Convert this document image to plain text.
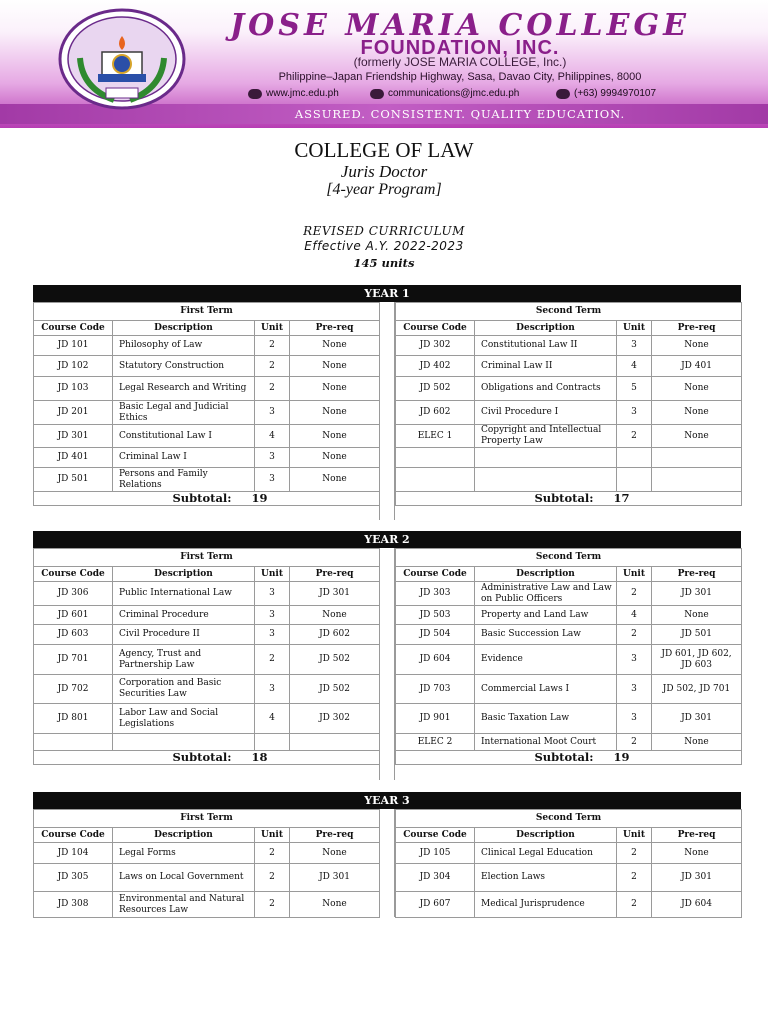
JOSE MARIA COLLEGE
FOUNDATION, INC.
(formerly JOSE MARIA COLLEGE, Inc.)
Philippine–Japan Friendship Highway, Sasa, Davao City, Philippines, 8000
www.jmc.edu.ph	communications@jmc.edu.ph	(+63) 9994970107
ASSURED. CONSISTENT. QUALITY EDUCATION.
COLLEGE OF LAW
Juris Doctor
[4-year Program]
REVISED CURRICULUM
Effective A.Y. 2022-2023
145 units
YEAR 1
First Term			
Course Code	Description	Unit	Pre-req
JD 101	Philosophy of Law	2	None
JD 102	Statutory Construction	2	None
JD 103	Legal Research and Writing	2	None
JD 201	Basic Legal and Judicial Ethics	3	None
JD 301	Constitutional Law I	4	None
JD 401	Criminal Law I	3	None
JD 501	Persons and Family Relations	3	None
Subtotal: 19			
Second Term			
Course Code	Description	Unit	Pre-req
JD 302	Constitutional Law II	3	None
JD 402	Criminal Law II	4	JD 401
JD 502	Obligations and Contracts	5	None
JD 602	Civil Procedure I	3	None
ELEC 1	Copyright and Intellectual Property Law	2	None

Subtotal: 17			
YEAR 2
First Term			
Course Code	Description	Unit	Pre-req
JD 306	Public International Law	3	JD 301
JD 601	Criminal Procedure	3	None
JD 603	Civil Procedure II	3	JD 602
JD 701	Agency, Trust and Partnership Law	2	JD 502
JD 702	Corporation and Basic Securities Law	3	JD 502
JD 801	Labor Law and Social Legislations	4	JD 302

Subtotal: 18			
Second Term			
Course Code	Description	Unit	Pre-req
JD 303	Administrative Law and Law on Public Officers	2	JD 301
JD 503	Property and Land Law	4	None
JD 504	Basic Succession Law	2	JD 501
JD 604	Evidence	3	JD 601, JD 602, JD 603
JD 703	Commercial Laws I	3	JD 502, JD 701
JD 901	Basic Taxation Law	3	JD 301
ELEC 2	International Moot Court	2	None
Subtotal: 19			
YEAR 3
First Term			
Course Code	Description	Unit	Pre-req
JD 104	Legal Forms	2	None
JD 305	Laws on Local Government	2	JD 301
JD 308	Environmental and Natural Resources Law	2	None
Second Term			
Course Code	Description	Unit	Pre-req
JD 105	Clinical Legal Education	2	None
JD 304	Election Laws	2	JD 301
JD 607	Medical Jurisprudence	2	JD 604
